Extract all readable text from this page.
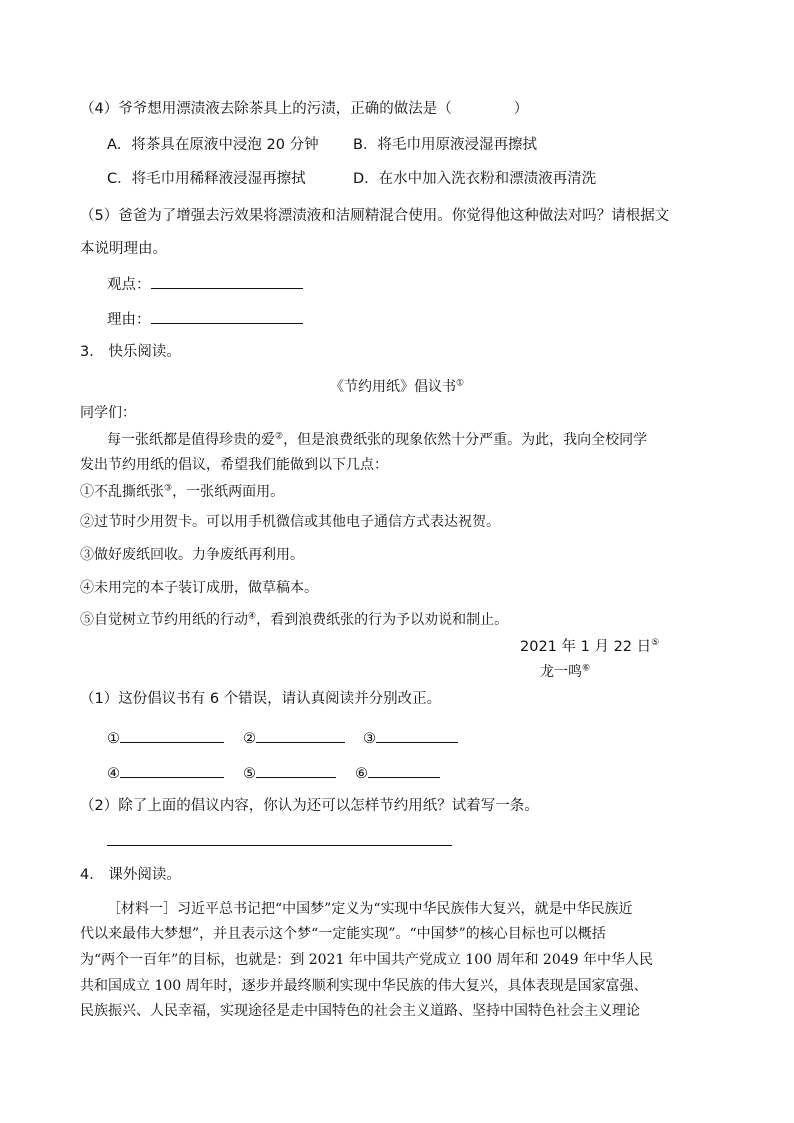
（4）爷爷想用漂渍液去除茶具上的污渍，正确的做法是（	）
A．将茶具在原液中浸泡 20 分钟 B．将毛巾用原液浸湿再擦拭
C．将毛巾用稀释液浸湿再擦拭	D．在水中加入洗衣粉和漂渍液再清洗
（5）爸爸为了增强去污效果将漂渍液和洁厕精混合使用。你觉得他这种做法对吗？请根据文
本说明理由。
观点：
理由：
3． 快乐阅读。
《节约用纸》倡议书①
同学们：
每一张纸都是值得珍贵的爱②，但是浪费纸张的现象依然十分严重。为此，我向全校同学
发出节约用纸的倡议，希望我们能做到以下几点：
①不乱撕纸张③，一张纸两面用。
②过节时少用贺卡。可以用手机微信或其他电子通信方式表达祝贺。
③做好废纸回收。力争废纸再利用。
④未用完的本子装订成册，做草稿本。
⑤自觉树立节约用纸的行动④，看到浪费纸张的行为予以劝说和制止。
2021 年 1 月 22 日⑤
龙一鸣⑥
（1）这份倡议书有 6 个错误，请认真阅读并分别改正。
①	②	③
④	⑤	⑥
（2）除了上面的倡议内容，你认为还可以怎样节约用纸？试着写一条。
4． 课外阅读。
［材料一］习近平总书记把“中国梦”定义为“实现中华民族伟大复兴，就是中华民族近
代以来最伟大梦想”，并且表示这个梦“一定能实现”。“中国梦”的核心目标也可以概括
为“两个一百年”的目标，也就是：到 2021 年中国共产党成立 100 周年和 2049 年中华人民
共和国成立 100 周年时，逐步并最终顺利实现中华民族的伟大复兴，具体表现是国家富强、
民族振兴、人民幸福，实现途径是走中国特色的社会主义道路、坚持中国特色社会主义理论
